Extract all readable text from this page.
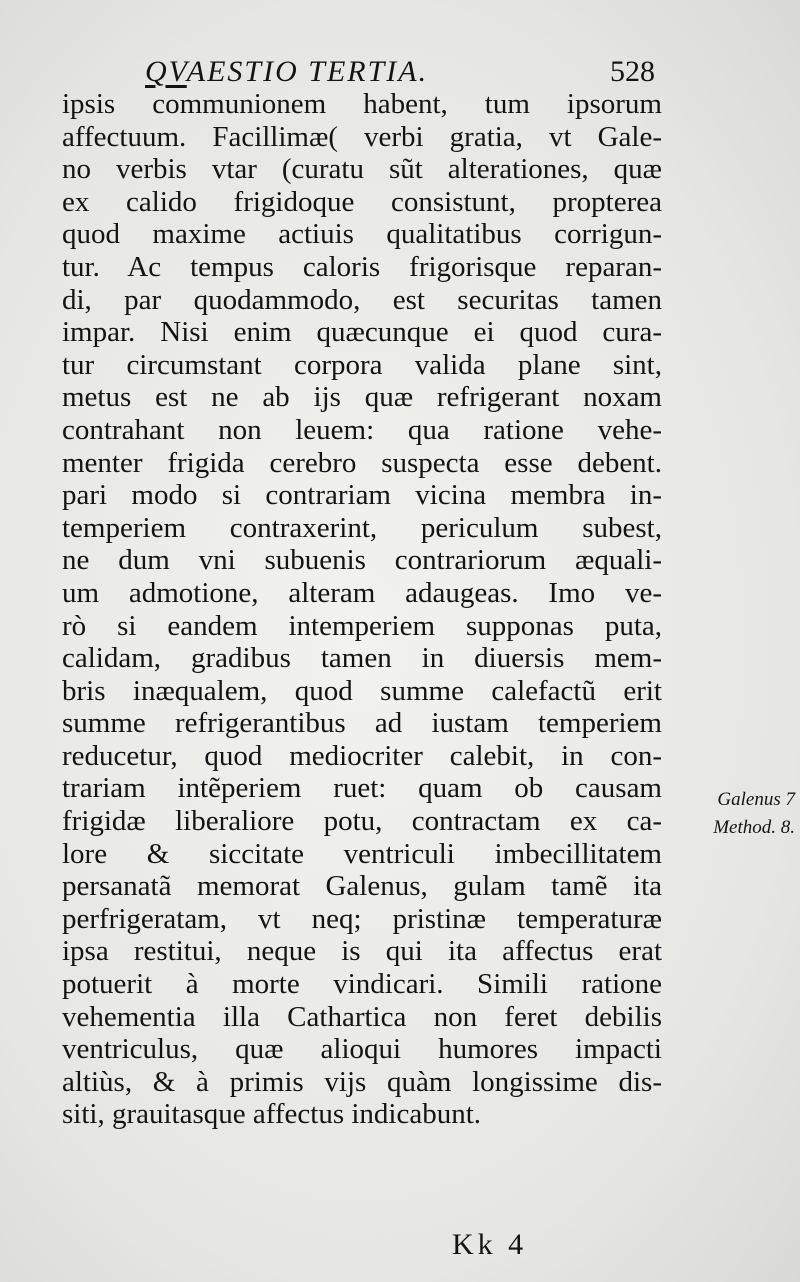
QVAESTIO TERTIA.	528
ipsis communionem habent, tum ipsorum
affectuum. Facillimæ( verbi gratia, vt Gale-
no verbis vtar (curatu sũt alterationes, quæ
ex calido frigidoque consistunt, propterea
quod maxime actiuis qualitatibus corrigun-
tur. Ac tempus caloris frigorisque reparan-
di, par quodammodo, est securitas tamen
impar. Nisi enim quæcunque ei quod cura-
tur circumstant corpora valida plane sint,
metus est ne ab ijs quæ refrigerant noxam
contrahant non leuem: qua ratione vehe-
menter frigida cerebro suspecta esse debent.
pari modo si contrariam vicina membra in-
temperiem contraxerint, periculum subest,
ne dum vni subuenis contrariorum æquali-
um admotione, alteram adaugeas. Imo ve-
rò si eandem intemperiem supponas puta,
calidam, gradibus tamen in diuersis mem-
bris inæqualem, quod summe calefactũ erit
summe refrigerantibus ad iustam temperiem
reducetur, quod mediocriter calebit, in con-
trariam intẽperiem ruet: quam ob causam
frigidæ liberaliore potu, contractam ex ca-
lore & siccitate ventriculi imbecillitatem
persanatã memorat Galenus, gulam tamẽ ita
perfrigeratam, vt neq; pristinæ temperaturæ
ipsa restitui, neque is qui ita affectus erat
potuerit à morte vindicari. Simili ratione
vehementia illa Cathartica non feret debilis
ventriculus, quæ alioqui humores impacti
altiùs, & à primis vijs quàm longissime dis-
siti, grauitasque affectus indicabunt.
Galenus 7
Method. 8.
Kk 4
